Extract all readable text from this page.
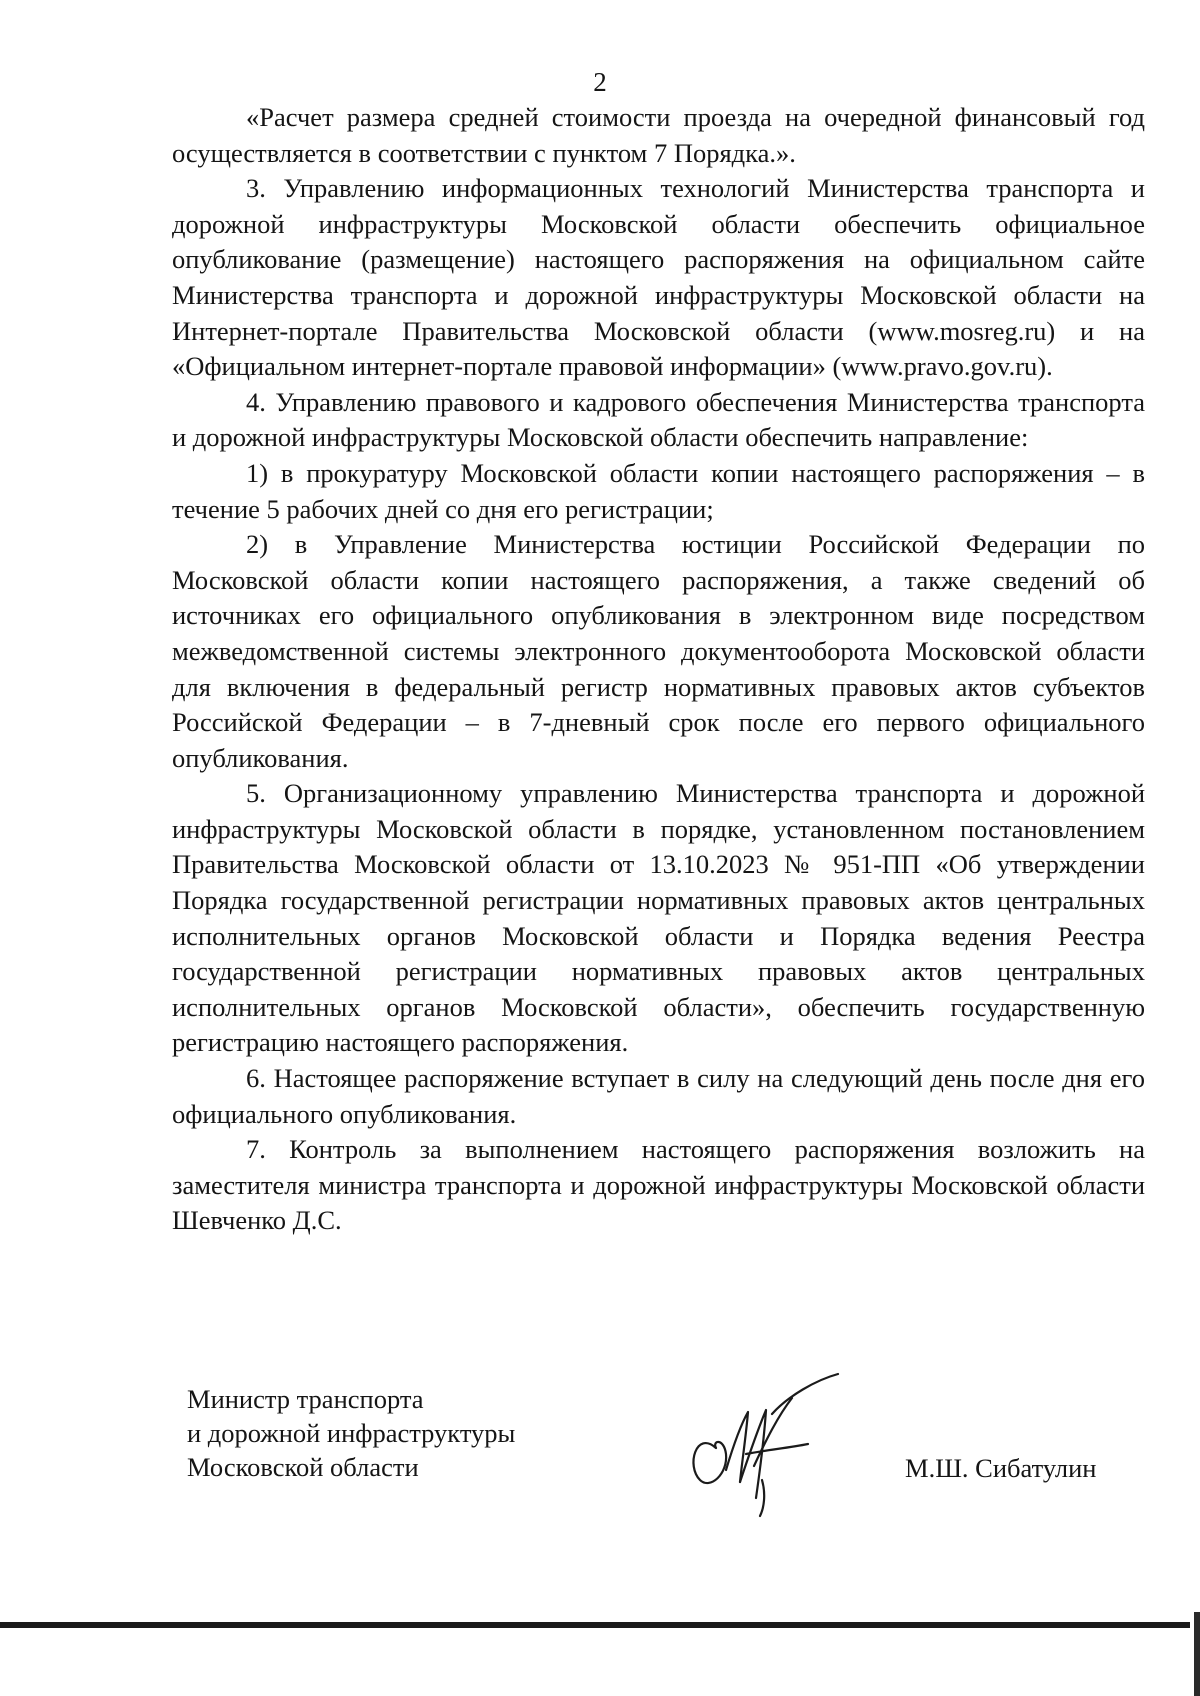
2

«Расчет размера средней стоимости проезда на очередной финансовый год осуществляется в соответствии с пунктом 7 Порядка.».

3. Управлению информационных технологий Министерства транспорта и дорожной инфраструктуры Московской области обеспечить официальное опубликование (размещение) настоящего распоряжения на официальном сайте Министерства транспорта и дорожной инфраструктуры Московской области на Интернет-портале Правительства Московской области (www.mosreg.ru) и на «Официальном интернет-портале правовой информации» (www.pravo.gov.ru).

4. Управлению правового и кадрового обеспечения Министерства транспорта и дорожной инфраструктуры Московской области обеспечить направление:

1) в прокуратуру Московской области копии настоящего распоряжения – в течение 5 рабочих дней со дня его регистрации;

2) в Управление Министерства юстиции Российской Федерации по Московской области копии настоящего распоряжения, а также сведений об источниках его официального опубликования в электронном виде посредством межведомственной системы электронного документооборота Московской области для включения в федеральный регистр нормативных правовых актов субъектов Российской Федерации – в 7-дневный срок после его первого официального опубликования.

5. Организационному управлению Министерства транспорта и дорожной инфраструктуры Московской области в порядке, установленном постановлением Правительства Московской области от 13.10.2023 № 951-ПП «Об утверждении Порядка государственной регистрации нормативных правовых актов центральных исполнительных органов Московской области и Порядка ведения Реестра государственной регистрации нормативных правовых актов центральных исполнительных органов Московской области», обеспечить государственную регистрацию настоящего распоряжения.

6. Настоящее распоряжение вступает в силу на следующий день после дня его официального опубликования.

7. Контроль за выполнением настоящего распоряжения возложить на заместителя министра транспорта и дорожной инфраструктуры Московской области Шевченко Д.С.

Министр транспорта
и дорожной инфраструктуры
Московской области	М.Ш. Сибатулин
